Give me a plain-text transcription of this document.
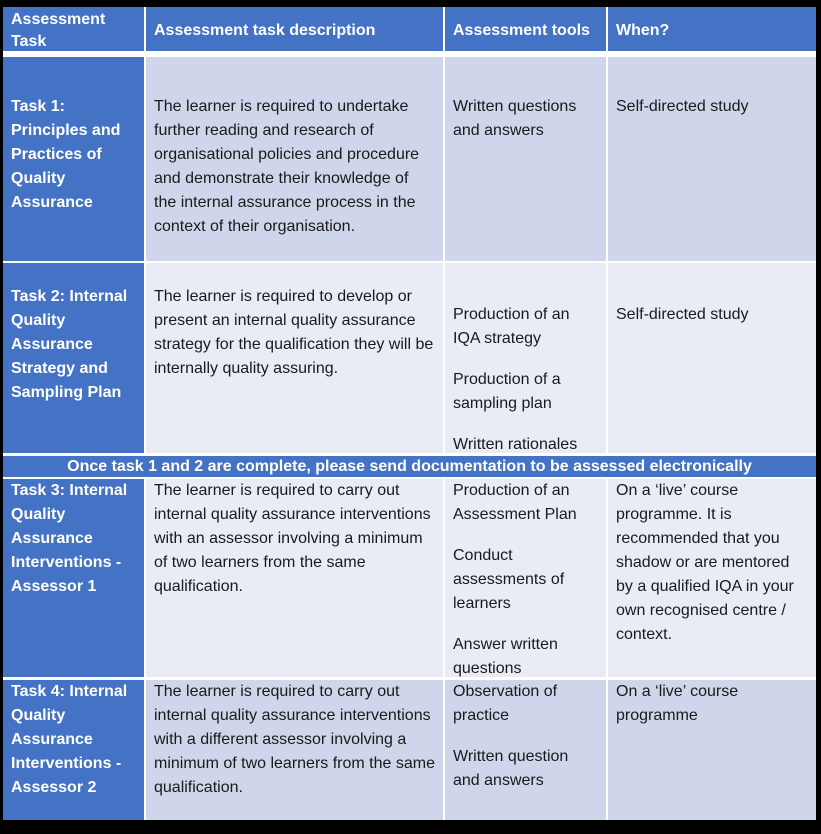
Assessment Task
Assessment task description	Assessment tools	When?
Task 1: Principles and Practices of Quality Assurance
The learner is required to undertake further reading and research of organisational policies and procedure and demonstrate their knowledge of the internal assurance process in the context of their organisation.
Written questions and answers
Self-directed study
Task 2: Internal Quality Assurance Strategy and Sampling Plan
The learner is required to develop or present an internal quality assurance strategy for the qualification they will be internally quality assuring.
Production of an IQA strategy
Production of a sampling plan
Written rationales
Self-directed study
Once task 1 and 2 are complete, please send documentation to be assessed electronically
Task 3: Internal Quality Assurance Interventions - Assessor 1
The learner is required to carry out internal quality assurance interventions with an assessor involving a minimum of two learners from the same qualification.
Production of an Assessment Plan
Conduct assessments of learners
Answer written questions
On a ‘live’ course programme. It is recommended that you shadow or are mentored by a qualified IQA in your own recognised centre / context.
Task 4: Internal Quality Assurance Interventions - Assessor 2
The learner is required to carry out internal quality assurance interventions with a different assessor involving a minimum of two learners from the same qualification.
Observation of practice
Written question and answers
On a ‘live’ course programme
